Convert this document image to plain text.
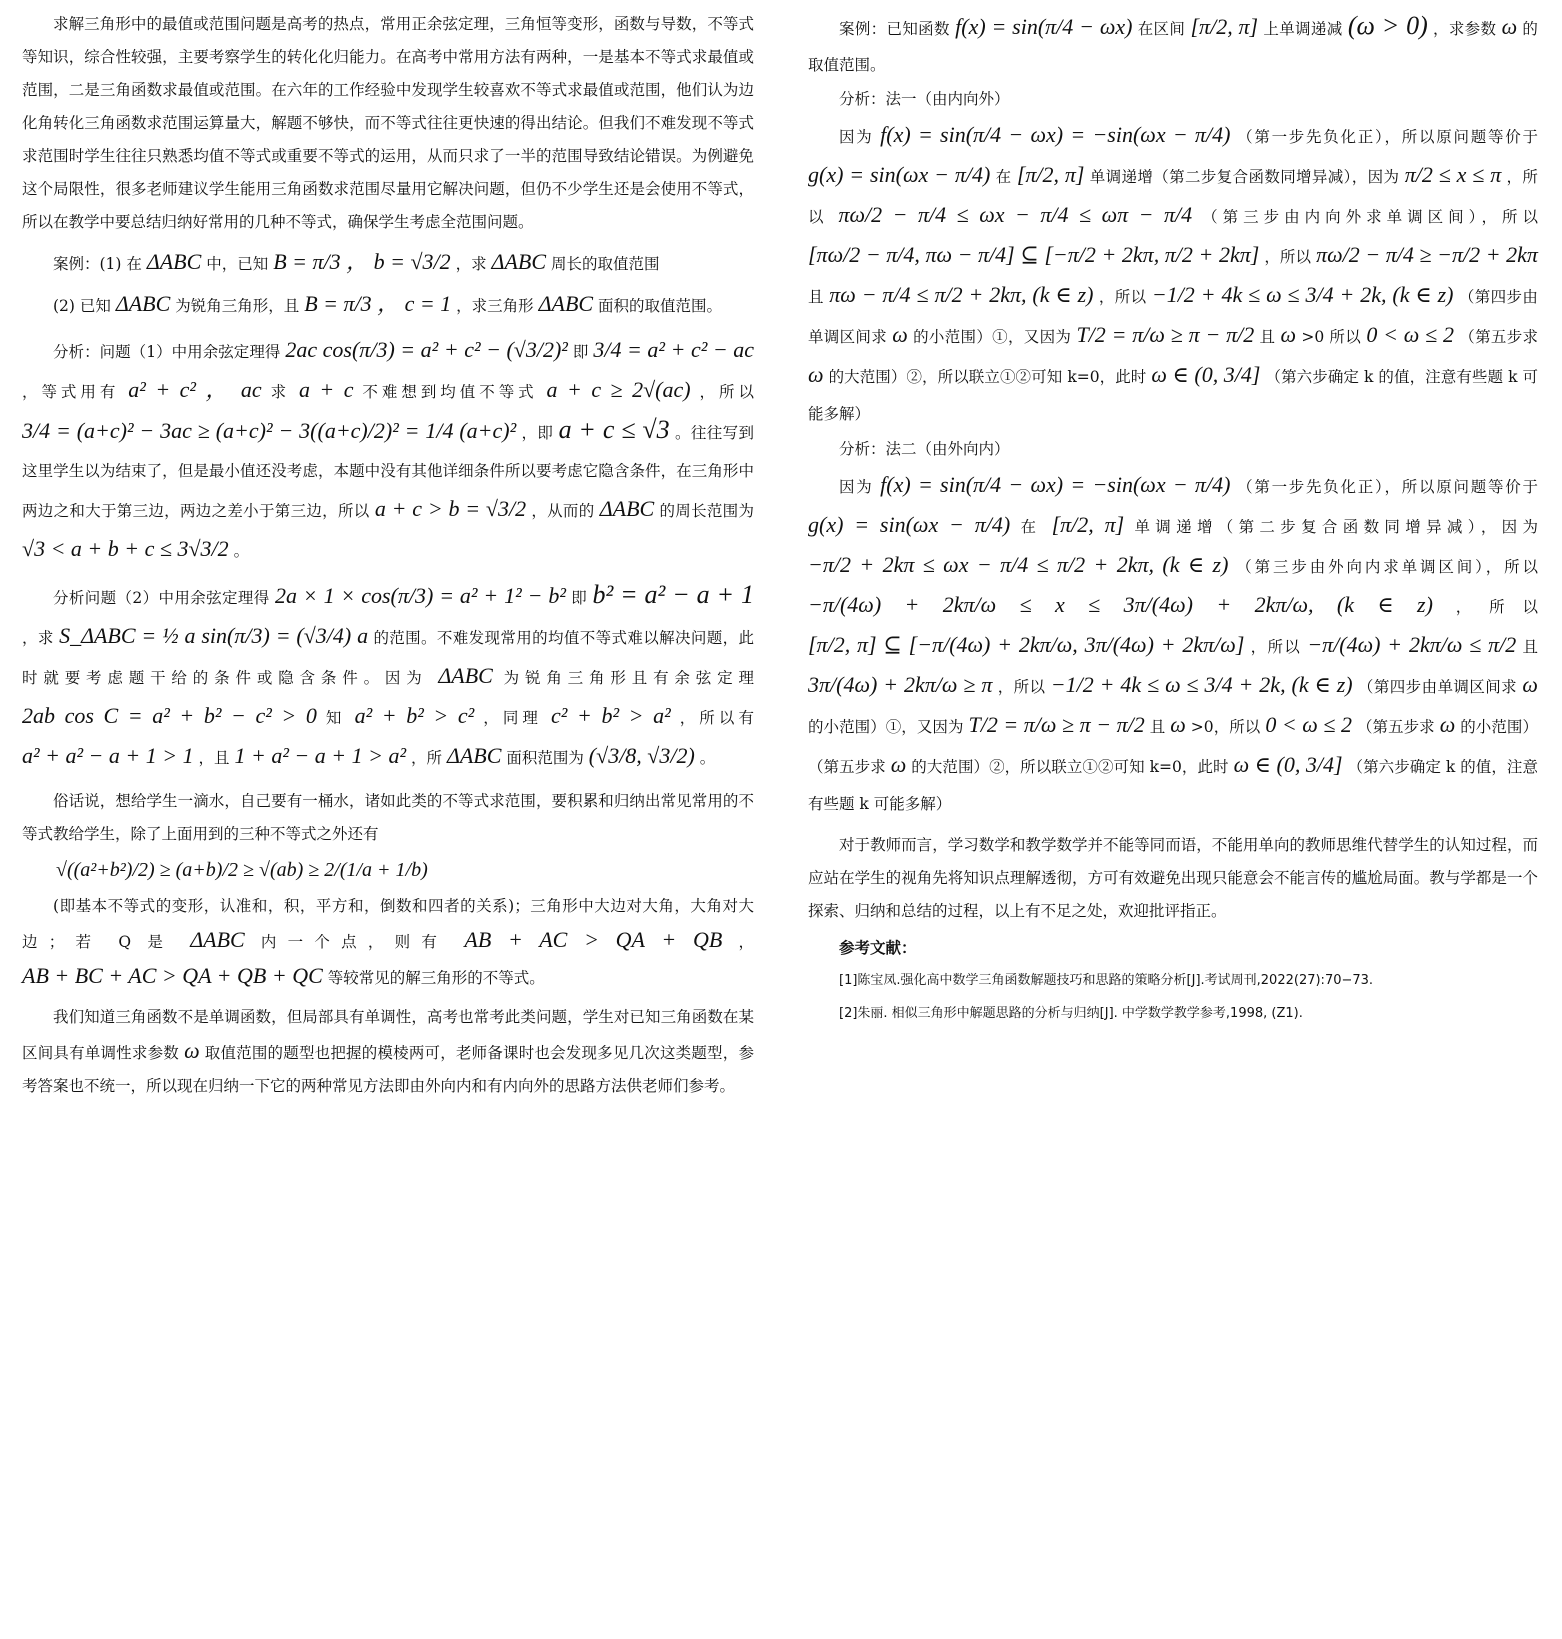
求解三角形中的最值或范围问题是高考的热点，常用正余弦定理，三角恒等变形，函数与导数，不等式等知识，综合性较强，主要考察学生的转化化归能力。在高考中常用方法有两种，一是基本不等式求最值或范围，二是三角函数求最值或范围。在六年的工作经验中发现学生较喜欢不等式求最值或范围，他们认为边化角转化三角函数求范围运算量大，解题不够快，而不等式往往更快速的得出结论。但我们不难发现不等式求范围时学生往往只熟悉均值不等式或重要不等式的运用，从而只求了一半的范围导致结论错误。为例避免这个局限性，很多老师建议学生能用三角函数求范围尽量用它解决问题，但仍不少学生还是会使用不等式，所以在教学中要总结归纳好常用的几种不等式，确保学生考虑全范围问题。

案例：(1) 在 ΔABC 中，已知 B = π/3 ， b = √3/2 ，求 ΔABC 周长的取值范围

(2) 已知 ΔABC 为锐角三角形，且 B = π/3 ， c = 1 ，求三角形 ΔABC 面积的取值范围。

分析：问题（1）中用余弦定理得 2ac cos(π/3) = a² + c² − (√3/2)² 即 3/4 = a² + c² − ac ，等式用有 a² + c² ， ac 求 a + c 不难想到均值不等式 a + c ≥ 2√(ac) ，所以 3/4 = (a+c)² − 3ac ≥ (a+c)² − 3((a+c)/2)² = 1/4 (a+c)² ，即 a + c ≤ √3 。往往写到这里学生以为结束了，但是最小值还没考虑，本题中没有其他详细条件所以要考虑它隐含条件，在三角形中两边之和大于第三边，两边之差小于第三边，所以 a + c > b = √3/2 ，从而的 ΔABC 的周长范围为 √3 < a + b + c ≤ 3√3/2 。

分析问题（2）中用余弦定理得 2a × 1 × cos(π/3) = a² + 1² − b² 即 b² = a² − a + 1 ，求 S_ΔABC = ½ a sin(π/3) = (√3/4) a 的范围。不难发现常用的均值不等式难以解决问题，此时就要考虑题干给的条件或隐含条件。因为 ΔABC 为锐角三角形且有余弦定理 2ab cos C = a² + b² − c² > 0 知 a² + b² > c² ，同理 c² + b² > a² ，所以有 a² + a² − a + 1 > 1 ，且 1 + a² − a + 1 > a² ，所 ΔABC 面积范围为 (√3/8, √3/2) 。

俗话说，想给学生一滴水，自己要有一桶水，诸如此类的不等式求范围，要积累和归纳出常见常用的不等式教给学生，除了上面用到的三种不等式之外还有

√((a²+b²)/2) ≥ (a+b)/2 ≥ √(ab) ≥ 2/(1/a + 1/b)

(即基本不等式的变形，认准和，积，平方和，倒数和四者的关系)；三角形中大边对大角，大角对大边；若 Q 是 ΔABC 内一个点，则有 AB + AC > QA + QB ， AB + BC + AC > QA + QB + QC 等较常见的解三角形的不等式。

我们知道三角函数不是单调函数，但局部具有单调性，高考也常考此类问题，学生对已知三角函数在某区间具有单调性求参数 ω 取值范围的题型也把握的模棱两可，老师备课时也会发现多见几次这类题型，参考答案也不统一，所以现在归纳一下它的两种常见方法即由外向内和有内向外的思路方法供老师们参考。

案例：已知函数 f(x) = sin(π/4 − ωx) 在区间 [π/2, π] 上单调递减 (ω > 0) ，求参数 ω 的取值范围。

分析：法一（由内向外）

因为 f(x) = sin(π/4 − ωx) = −sin(ωx − π/4) （第一步先负化正），所以原问题等价于 g(x) = sin(ωx − π/4) 在 [π/2, π] 单调递增（第二步复合函数同增异减），因为 π/2 ≤ x ≤ π ，所以 πω/2 − π/4 ≤ ωx − π/4 ≤ ωπ − π/4 （第三步由内向外求单调区间），所以 [πω/2 − π/4, πω − π/4] ⊆ [−π/2 + 2kπ, π/2 + 2kπ] ，所以 πω/2 − π/4 ≥ −π/2 + 2kπ 且 πω − π/4 ≤ π/2 + 2kπ, (k ∈ z) ，所以 −1/2 + 4k ≤ ω ≤ 3/4 + 2k, (k ∈ z) （第四步由单调区间求 ω 的小范围）①，又因为 T/2 = π/ω ≥ π − π/2 且 ω >0 所以 0 < ω ≤ 2 （第五步求 ω 的大范围）②，所以联立①②可知 k=0，此时 ω ∈ (0, 3/4] （第六步确定 k 的值，注意有些题 k 可能多解）

分析：法二（由外向内）

因为 f(x) = sin(π/4 − ωx) = −sin(ωx − π/4) （第一步先负化正），所以原问题等价于 g(x) = sin(ωx − π/4) 在 [π/2, π] 单调递增（第二步复合函数同增异减），因为 −π/2 + 2kπ ≤ ωx − π/4 ≤ π/2 + 2kπ, (k ∈ z) （第三步由外向内求单调区间），所以 −π/(4ω) + 2kπ/ω ≤ x ≤ 3π/(4ω) + 2kπ/ω, (k ∈ z) ，所以 [π/2, π] ⊆ [−π/(4ω) + 2kπ/ω, 3π/(4ω) + 2kπ/ω] ，所以 −π/(4ω) + 2kπ/ω ≤ π/2 且 3π/(4ω) + 2kπ/ω ≥ π ，所以 −1/2 + 4k ≤ ω ≤ 3/4 + 2k, (k ∈ z) （第四步由单调区间求 ω 的小范围）①，又因为 T/2 = π/ω ≥ π − π/2 且 ω >0，所以 0 < ω ≤ 2 （第五步求 ω 的小范围）（第五步求 ω 的大范围）②，所以联立①②可知 k=0，此时 ω ∈ (0, 3/4] （第六步确定 k 的值，注意有些题 k 可能多解）

对于教师而言，学习数学和教学数学并不能等同而语，不能用单向的教师思维代替学生的认知过程，而应站在学生的视角先将知识点理解透彻，方可有效避免出现只能意会不能言传的尴尬局面。教与学都是一个探索、归纳和总结的过程，以上有不足之处，欢迎批评指正。

参考文献：
[1]陈宝凤.强化高中数学三角函数解题技巧和思路的策略分析[J].考试周刊,2022(27):70−73.
[2]朱丽. 相似三角形中解题思路的分析与归纳[J]. 中学数学教学参考,1998, (Z1).
